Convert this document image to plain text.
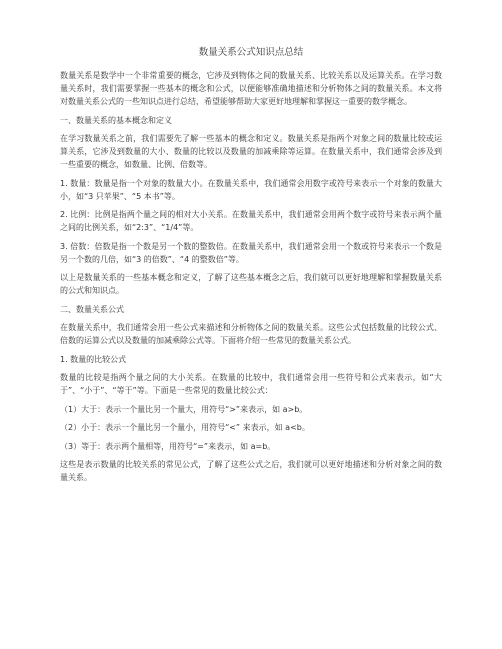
数量关系公式知识点总结
数量关系是数学中一个非常重要的概念，它涉及到物体之间的数量关系、比较关系以及运算关系。在学习数量关系时，我们需要掌握一些基本的概念和公式，以便能够准确地描述和分析物体之间的数量关系。本文将对数量关系公式的一些知识点进行总结，希望能够帮助大家更好地理解和掌握这一重要的数学概念。
一、数量关系的基本概念和定义
在学习数量关系之前，我们需要先了解一些基本的概念和定义。数量关系是指两个对象之间的数量比较或运算关系，它涉及到数量的大小、数量的比较以及数量的加减乘除等运算。在数量关系中，我们通常会涉及到一些重要的概念，如数量、比例、倍数等。
1. 数量：数量是指一个对象的数量大小。在数量关系中，我们通常会用数字或符号来表示一个对象的数量大小，如“3 只苹果”、“5 本书”等。
2. 比例：比例是指两个量之间的相对大小关系。在数量关系中，我们通常会用两个数字或符号来表示两个量之间的比例关系，如“2:3”、“1/4”等。
3. 倍数：倍数是指一个数是另一个数的整数倍。在数量关系中，我们通常会用一个数或符号来表示一个数是另一个数的几倍，如“3 的倍数”、“4 的整数倍”等。
以上是数量关系的一些基本概念和定义，了解了这些基本概念之后，我们就可以更好地理解和掌握数量关系的公式和知识点。
二、数量关系公式
在数量关系中，我们通常会用一些公式来描述和分析物体之间的数量关系。这些公式包括数量的比较公式、倍数的运算公式以及数量的加减乘除公式等。下面将介绍一些常见的数量关系公式。
1. 数量的比较公式
数量的比较是指两个量之间的大小关系。在数量的比较中，我们通常会用一些符号和公式来表示，如“大于”、“小于”、“等于”等。下面是一些常见的数量比较公式：
（1）大于：表示一个量比另一个量大，用符号“>”来表示，如 a>b。
（2）小于：表示一个量比另一个量小，用符号“<” 来表示，如 a<b。
（3）等于：表示两个量相等，用符号“=”来表示，如 a=b。
这些是表示数量的比较关系的常见公式，了解了这些公式之后，我们就可以更好地描述和分析对象之间的数量关系。
